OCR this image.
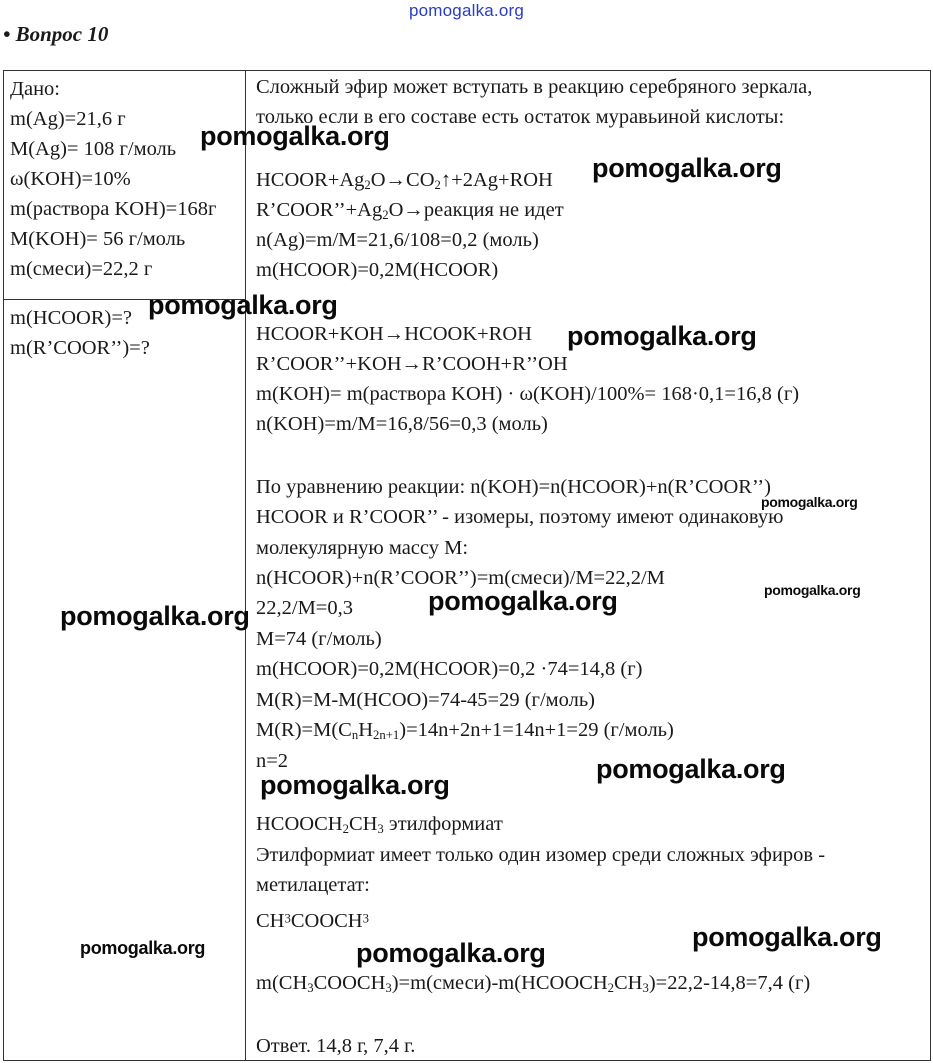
pomogalka.org
• Вопрос 10
Дано:
m(Ag)=21,6 г
M(Ag)= 108 г/моль
ω(KOH)=10%
m(раствора KOH)=168г
M(KOH)= 56 г/моль
m(смеси)=22,2 г
m(HCOOR)=?
m(R’COOR’’)=?
Сложный эфир может вступать в реакцию серебряного зеркала,
только если в его составе есть остаток муравьиной кислоты:
$HCOOR+Ag_2O\to CO_2↑+2Ag+ROH$
$R’COOR’’+Ag_2O\to реакция$ не идет
n(Ag)=m/M=21,6/108=0,2 (моль)
m(HCOOR)=0,2M(HCOOR)
HCOOR+KOH→HCOOK+ROH
R’COOR’’+KOH→R’COOH+R’’OH
m(KOH)= m(раствора KOH) · ω(KOH)/100%= 168·0,1=16,8 (г)
n(KOH)=m/M=16,8/56=0,3 (моль)
По уравнению реакции: n(KOH)=n(HCOOR)+n(R’COOR’’)
HCOOR и R’COOR’’ - изомеры, поэтому имеют одинаковую
молекулярную массу M:
n(HCOOR)+n(R’COOR’’)=m(смеси)/M=22,2/M
22,2/M=0,3
M=74 (г/моль)
m(HCOOR)=0,2M(HCOOR)=0,2 ·74=14,8 (г)
M(R)=M-M(HCOO)=74-45=29 (г/моль)
$M(R)=M(C_nH_{2n+1})=14n+2n+1=14n+1=29$ (г/моль)
n=2
$HCOOCH_2CH_3$ этилформиат
Этилформиат имеет только один изомер среди сложных эфиров -
метилацетат:
$CH^3COOCH^3$
$m(CH_3COOCH_3)=m(смеси)-m(HCOOCH_2CH_3)=22,2-14,8=7,4$ (г)
Ответ. 14,8 г, 7,4 г.
pomogalka.org
pomogalka.org
pomogalka.org
pomogalka.org
pomogalka.org
pomogalka.org
pomogalka.org
pomogalka.org
pomogalka.org
pomogalka.org
pomogalka.org
pomogalka.org
pomogalka.org
